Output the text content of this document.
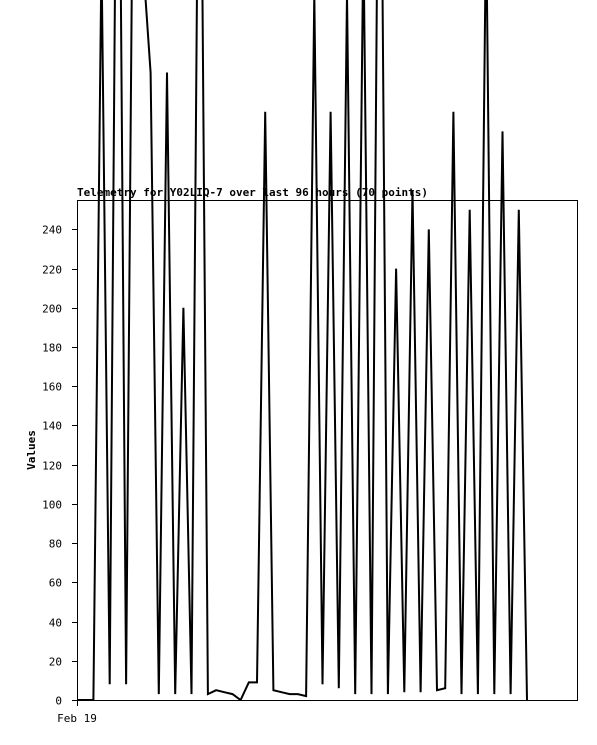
0
20
40
60
80
100
120
140
160
180
200
220
240
Feb 19
Telemetry for Y02LIQ-7 over last 96 hours (70 points)
Values
